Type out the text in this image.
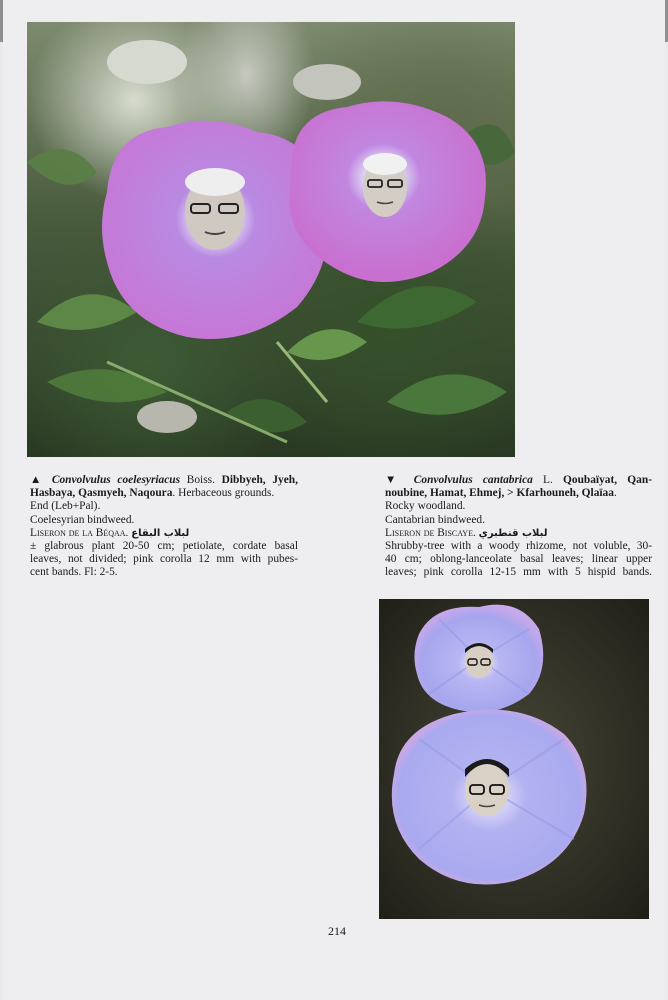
▲ Convolvulus coelesyriacus Boiss. Dibbyeh, Jyeh,
Hasbaya, Qasmyeh, Naqoura. Herbaceous grounds.
End (Leb+Pal).
Coelesyrian bindweed.
Liseron de la Béqaa. لبلاب البقاع
± glabrous plant 20-50 cm; petiolate, cordate basal
leaves, not divided; pink corolla 12 mm with pubes-
cent bands. Fl: 2-5.
▼ Convolvulus cantabrica L. Qoubaïyat, Qan-
noubine, Hamat, Ehmej, > Kfarhouneh, Qlaïaa.
Rocky woodland.
Cantabrian bindweed.
Liseron de Biscaye. لبلاب قنطبري
Shrubby-tree with a woody rhizome, not voluble, 30-
40 cm; oblong-lanceolate basal leaves; linear upper
leaves; pink corolla 12-15 mm with 5 hispid bands.
214
